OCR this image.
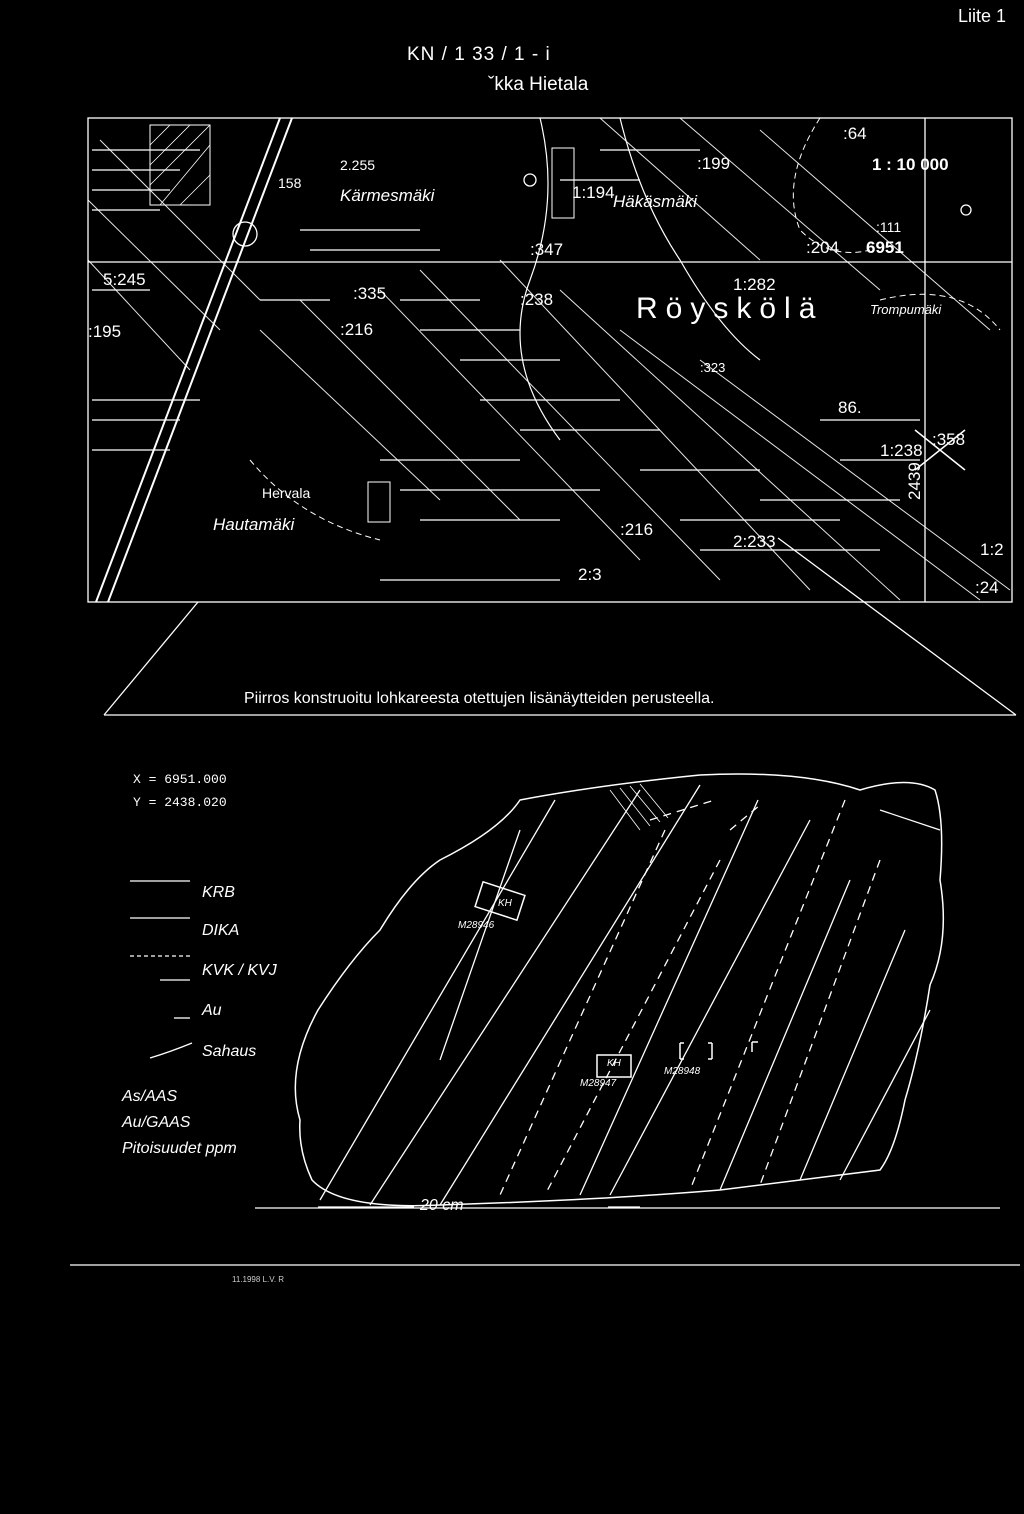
Liite 1
KN / 1 33 / 1 - i
ˇkka Hietala
1 : 10 000
Kärmesmäki	Häkäsmäki
Röyskölä	Trompumäki
Hautamäki
Hervala
:64
2.255
158
:199
:111
1:194
:347	:204 6951
5:245
:335	:238
1:282
:195	:216
:323
86.
1:238
:358
2439
1:2
:216
2:233
2:3
:24
Piirros konstruoitu lohkareesta otettujen lisänäytteiden perusteella.
X = 6951.000
Y = 2438.020
KRB
DIKA
KVK / KVJ
Au
Sahaus
As/AAS
Au/GAAS
Pitoisuudet ppm
KH
M28946
KH
M28947
M28948
20 cm
11.1998 L.V. R
